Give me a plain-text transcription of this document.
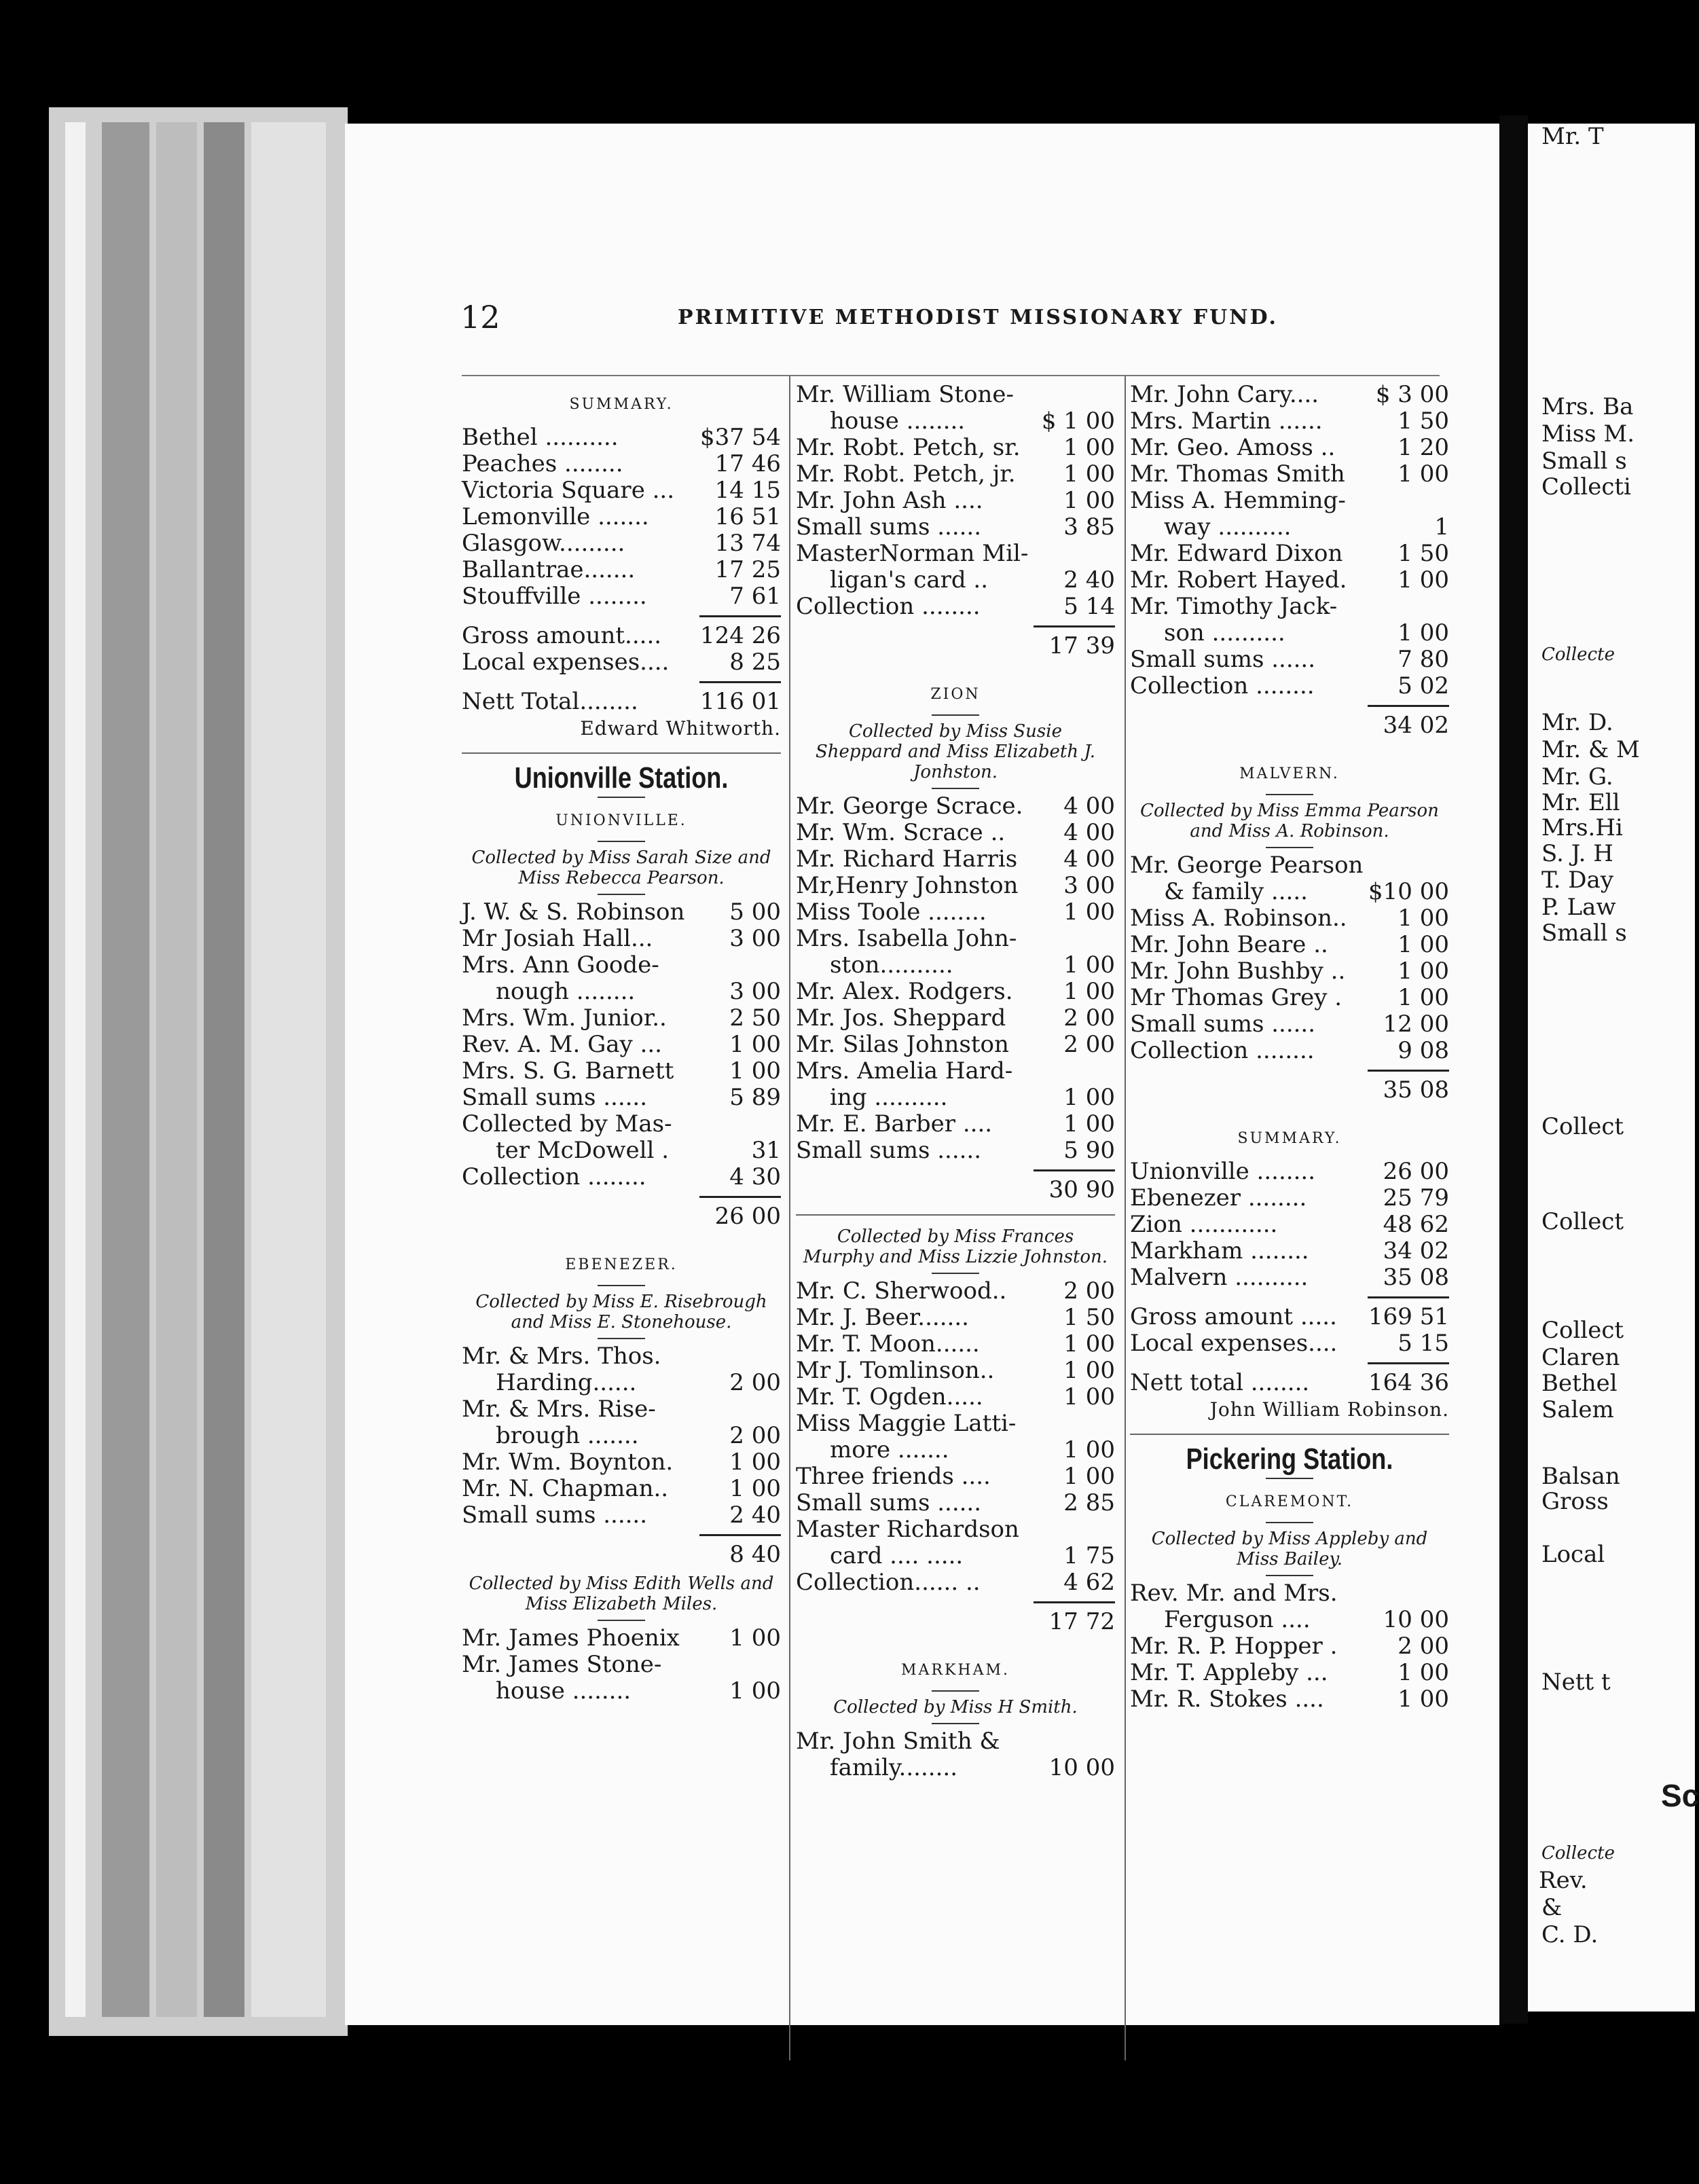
12	PRIMITIVE METHODIST MISSIONARY FUND.
SUMMARY.
Bethel ..........	$37 54
Peaches ........	17 46
Victoria Square ...	14 15
Lemonville .......	16 51
Glasgow.........	13 74
Ballantrae.......	17 25
Stouffville ........	7 61
Gross amount.....	124 26
Local expenses....	8 25
Nett Total........	116 01
Edward Whitworth.
Unionville Station.
UNIONVILLE.
Collected by Miss Sarah Size and Miss Rebecca Pearson.
J. W. & S. Robinson	5 00
Mr Josiah Hall...	3 00
Mrs. Ann Goode-
nough ........	3 00
Mrs. Wm. Junior..	2 50
Rev. A. M. Gay ...	1 00
Mrs. S. G. Barnett	1 00
Small sums ......	5 89
Collected by Mas-
ter McDowell .	31
Collection ........	4 30
26 00
EBENEZER.
Collected by Miss E. Risebrough and Miss E. Stonehouse.
Mr. & Mrs. Thos.
Harding......	2 00
Mr. & Mrs. Rise-
brough .......	2 00
Mr. Wm. Boynton.	1 00
Mr. N. Chapman..	1 00
Small sums ......	2 40
8 40
Collected by Miss Edith Wells and Miss Elizabeth Miles.
Mr. James Phoenix	1 00
Mr. James Stone-
house ........	1 00
Mr. William Stone-
house ........	$ 1 00
Mr. Robt. Petch, sr.	1 00
Mr. Robt. Petch, jr.	1 00
Mr. John Ash ....	1 00
Small sums ......	3 85
MasterNorman Mil-
ligan's card ..	2 40
Collection ........	5 14
17 39
ZION
Collected by Miss Susie Sheppard and Miss Elizabeth J. Jonhston.
Mr. George Scrace.	4 00
Mr. Wm. Scrace ..	4 00
Mr. Richard Harris	4 00
Mr,Henry Johnston	3 00
Miss Toole ........	1 00
Mrs. Isabella John-
ston..........	1 00
Mr. Alex. Rodgers.	1 00
Mr. Jos. Sheppard	2 00
Mr. Silas Johnston	2 00
Mrs. Amelia Hard-
ing ..........	1 00
Mr. E. Barber ....	1 00
Small sums ......	5 90
30 90
Collected by Miss Frances Murphy and Miss Lizzie Johnston.
Mr. C. Sherwood..	2 00
Mr. J. Beer.......	1 50
Mr. T. Moon......	1 00
Mr J. Tomlinson..	1 00
Mr. T. Ogden.....	1 00
Miss Maggie Latti-
more .......	1 00
Three friends ....	1 00
Small sums ......	2 85
Master Richardson
card .... .....	1 75
Collection...... ..	4 62
17 72
MARKHAM.
Collected by Miss H Smith.
Mr. John Smith &
family........	10 00
Mr. John Cary....	$ 3 00
Mrs. Martin ......	1 50
Mr. Geo. Amoss ..	1 20
Mr. Thomas Smith	1 00
Miss A. Hemming-
way ..........	1
Mr. Edward Dixon	1 50
Mr. Robert Hayed.	1 00
Mr. Timothy Jack-
son ..........	1 00
Small sums ......	7 80
Collection ........	5 02
34 02
MALVERN.
Collected by Miss Emma Pearson and Miss A. Robinson.
Mr. George Pearson
& family .....	$10 00
Miss A. Robinson..	1 00
Mr. John Beare ..	1 00
Mr. John Bushby ..	1 00
Mr Thomas Grey .	1 00
Small sums ......	12 00
Collection ........	9 08
35 08
SUMMARY.
Unionville ........	26 00
Ebenezer ........	25 79
Zion ............	48 62
Markham ........	34 02
Malvern ..........	35 08
Gross amount .....	169 51
Local expenses....	5 15
Nett total ........	164 36
John William Robinson.
Pickering Station.
CLAREMONT.
Collected by Miss Appleby and Miss Bailey.
Rev. Mr. and Mrs.
Ferguson ....	10 00
Mr. R. P. Hopper .	2 00
Mr. T. Appleby ...	1 00
Mr. R. Stokes ....	1 00
Mrs. Ba
Miss M.
Small s
Collecti
Collecte
Mr. D.
Mr. & M
Mr. G.
Mr. Ell
Mrs.Hi
S. J. H
T. Day
P. Law
Small s
Collect
Collect
Collect
Claren
Bethel
Salem
Balsan
Gross
Local
Nett t
Sc
Collecte
Rev.
&
C. D.
Mr. T
